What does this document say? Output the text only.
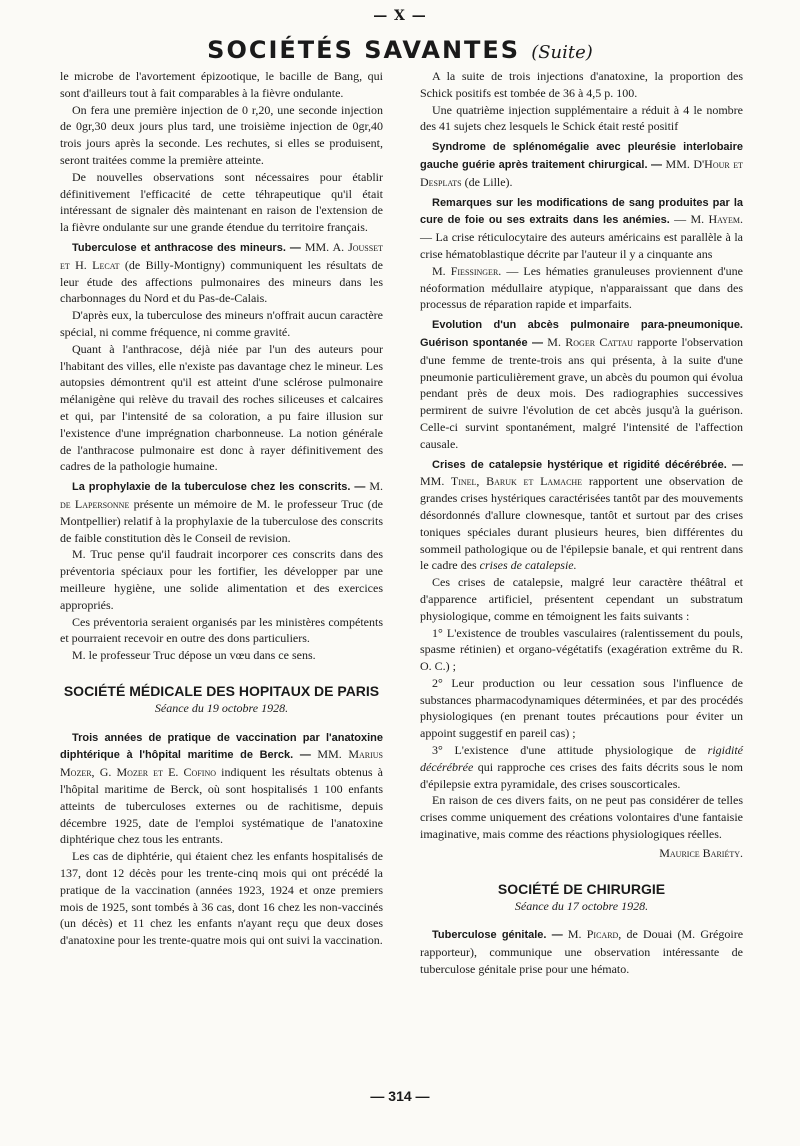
— X —
SOCIÉTÉS SAVANTES (Suite)

le microbe de l'avortement épizootique, le bacille de Bang, qui sont d'ailleurs tout à fait comparables à la fièvre ondulante.

On fera une première injection de 0 r,20, une seconde injection de 0gr,30 deux jours plus tard, une troisième injection de 0gr,40 trois jours après la seconde. Les rechutes, si elles se produisent, seront traitées comme la première atteinte.

De nouvelles observations sont nécessaires pour établir définitivement l'efficacité de cette téhrapeutique qu'il était intéressant de signaler dès maintenant en raison de l'extension de la fièvre ondulante sur une grande étendue du territoire français.

Tuberculose et anthracose des mineurs. — MM. A. Jousset et H. Lecat (de Billy-Montigny) communiquent les résultats de leur étude des affections pulmonaires des mineurs dans les charbonnages du Nord et du Pas-de-Calais.

D'après eux, la tuberculose des mineurs n'offrait aucun caractère spécial, ni comme fréquence, ni comme gravité.

Quant à l'anthracose, déjà niée par l'un des auteurs pour l'habitant des villes, elle n'existe pas davantage chez le mineur. Les autopsies démontrent qu'il est atteint d'une sclérose pulmonaire mélanigène qui relève du travail des roches siliceuses et calcaires et qui, par l'intensité de sa coloration, a pu faire illusion sur l'existence d'une imprégnation charbonneuse. La notion générale de l'anthracose pulmonaire est donc à rayer définitivement des cadres de la pathologie humaine.

La prophylaxie de la tuberculose chez les conscrits. — M. de Lapersonne présente un mémoire de M. le professeur Truc (de Montpellier) relatif à la prophylaxie de la tuberculose des conscrits de faible constitution dès le Conseil de revision.

M. Truc pense qu'il faudrait incorporer ces conscrits dans des préventoria spéciaux pour les fortifier, les développer par une meilleure hygiène, une solide alimentation et des exercices appropriés.

Ces préventoria seraient organisés par les ministères compétents et pourraient recevoir en outre des dons particuliers.

M. le professeur Truc dépose un vœu dans ce sens.

SOCIÉTÉ MÉDICALE DES HOPITAUX DE PARIS
Séance du 19 octobre 1928.

Trois années de pratique de vaccination par l'anatoxine diphtérique à l'hôpital maritime de Berck. — MM. Marius Mozer, G. Mozer et E. Cofino indiquent les résultats obtenus à l'hôpital maritime de Berck, où sont hospitalisés 1 100 enfants atteints de tuberculoses externes ou de rachitisme, depuis décembre 1925, date de l'emploi systématique de l'anatoxine diphtérique chez tous les entrants.

Les cas de diphtérie, qui étaient chez les enfants hospitalisés de 137, dont 12 décès pour les trente-cinq mois qui ont précédé la pratique de la vaccination (années 1923, 1924 et onze premiers mois de 1925, sont tombés à 36 cas, dont 16 chez les non-vaccinés (un décès) et 11 chez les enfants n'ayant reçu que deux doses d'anatoxine pour les trente-quatre mois qui ont suivi la vaccination.

A la suite de trois injections d'anatoxine, la proportion des Schick positifs est tombée de 36 à 4,5 p. 100.

Une quatrième injection supplémentaire a réduit à 4 le nombre des 41 sujets chez lesquels le Schick était resté positif

Syndrome de splénomégalie avec pleurésie interlobaire gauche guérie après traitement chirurgical. — MM. D'Hour et Desplats (de Lille).

Remarques sur les modifications de sang produites par la cure de foie ou ses extraits dans les anémies. — M. Hayem. — La crise réticulocytaire des auteurs américains est parallèle à la crise hématoblastique décrite par l'auteur il y a cinquante ans

M. Fiessinger. — Les hématies granuleuses proviennent d'une néoformation médullaire atypique, n'apparaissant que dans des processus de réparation rapide et imparfaits.

Evolution d'un abcès pulmonaire para-pneumonique. Guérison spontanée — M. Roger Cattau rapporte l'observation d'une femme de trente-trois ans qui présenta, à la suite d'une pneumonie particulièrement grave, un abcès du poumon qui évolua pendant près de deux mois. Des radiographies successives permirent de suivre l'évolution de cet abcès jusqu'à la guérison. Celle-ci survint spontanément, malgré l'intensité de l'affection causale.

Crises de catalepsie hystérique et rigidité décérébrée. — MM. Tinel, Baruk et Lamache rapportent une observation de grandes crises hystériques caractérisées tantôt par des mouvements désordonnés d'allure clownesque, tantôt et surtout par des crises toniques spéciales durant plusieurs heures, bien différentes du sommeil pathologique ou de l'épilepsie banale, et qui rentrent dans le cadre des crises de catalepsie.

Ces crises de catalepsie, malgré leur caractère théâtral et d'apparence artificiel, présentent cependant un substratum physiologique, comme en témoignent les faits suivants :

1° L'existence de troubles vasculaires (ralentissement du pouls, spasme rétinien) et organo-végétatifs (exagération extrême du R. O. C.) ;

2° Leur production ou leur cessation sous l'influence de substances pharmacodynamiques déterminées, et par des procédés physiologiques (en prenant toutes précautions pour éviter un appoint suggestif en pareil cas) ;

3° L'existence d'une attitude physiologique de rigidité décérébrée qui rapproche ces crises des faits décrits sous le nom d'épilepsie extra pyramidale, des crises souscorticales.

En raison de ces divers faits, on ne peut pas considérer de telles crises comme uniquement des créations volontaires d'une fantaisie imaginative, mais comme des réactions physiologiques réelles.

Maurice Bariéty.
SOCIÉTÉ DE CHIRURGIE
Séance du 17 octobre 1928.

Tuberculose génitale. — M. Picard, de Douai (M. Grégoire rapporteur), communique une observation intéressante de tuberculose génitale prise pour une hémato.

— 314 —
